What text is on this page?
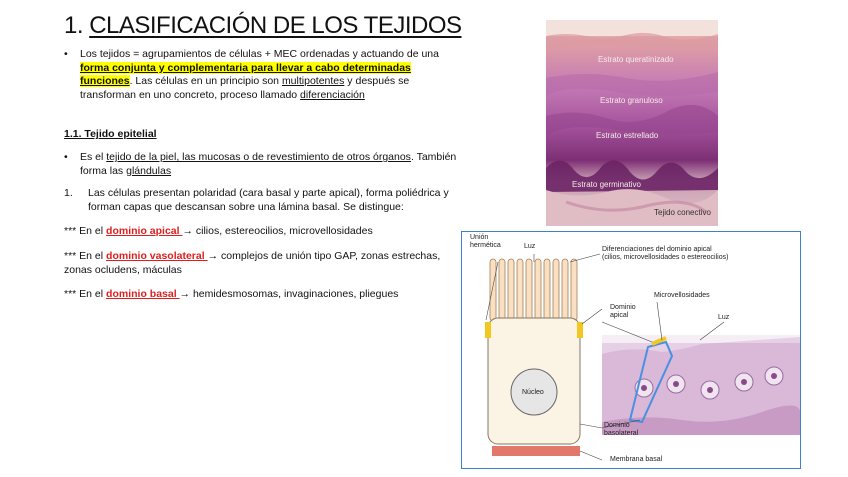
1. CLASIFICACIÓN DE LOS TEJIDOS
• Los tejidos = agrupamientos de células + MEC ordenadas y actuando de una forma conjunta y complementaria para llevar a cabo determinadas funciones. Las células en un principio son multipotentes y después se transforman en uno concreto, proceso llamado diferenciación
1.1. Tejido epitelial
• Es el tejido de la piel, las mucosas o de revestimiento de otros órganos. También forma las glándulas
1. Las células presentan polaridad (cara basal y parte apical), forma poliédrica y forman capas que descansan sobre una lámina basal. Se distingue:
*** En el dominio apical → cilios, estereocilios, microvellosidades
*** En el dominio vasolateral → complejos de unión tipo GAP, zonas estrechas, zonas ocludens, máculas
*** En el dominio basal → hemidesmosomas, invaginaciones, pliegues
Estrato queratinizado
Estrato granuloso
Estrato estrellado
Estrato germinativo
Tejido conectivo
Unión
hermética	Luz	Diferenciaciones del dominio apical
(cilios, microvellosidades o estereocilios)
Microvellosidades
Dominio
apical	Luz
Núcleo
Dominio
basolateral
Membrana basal
